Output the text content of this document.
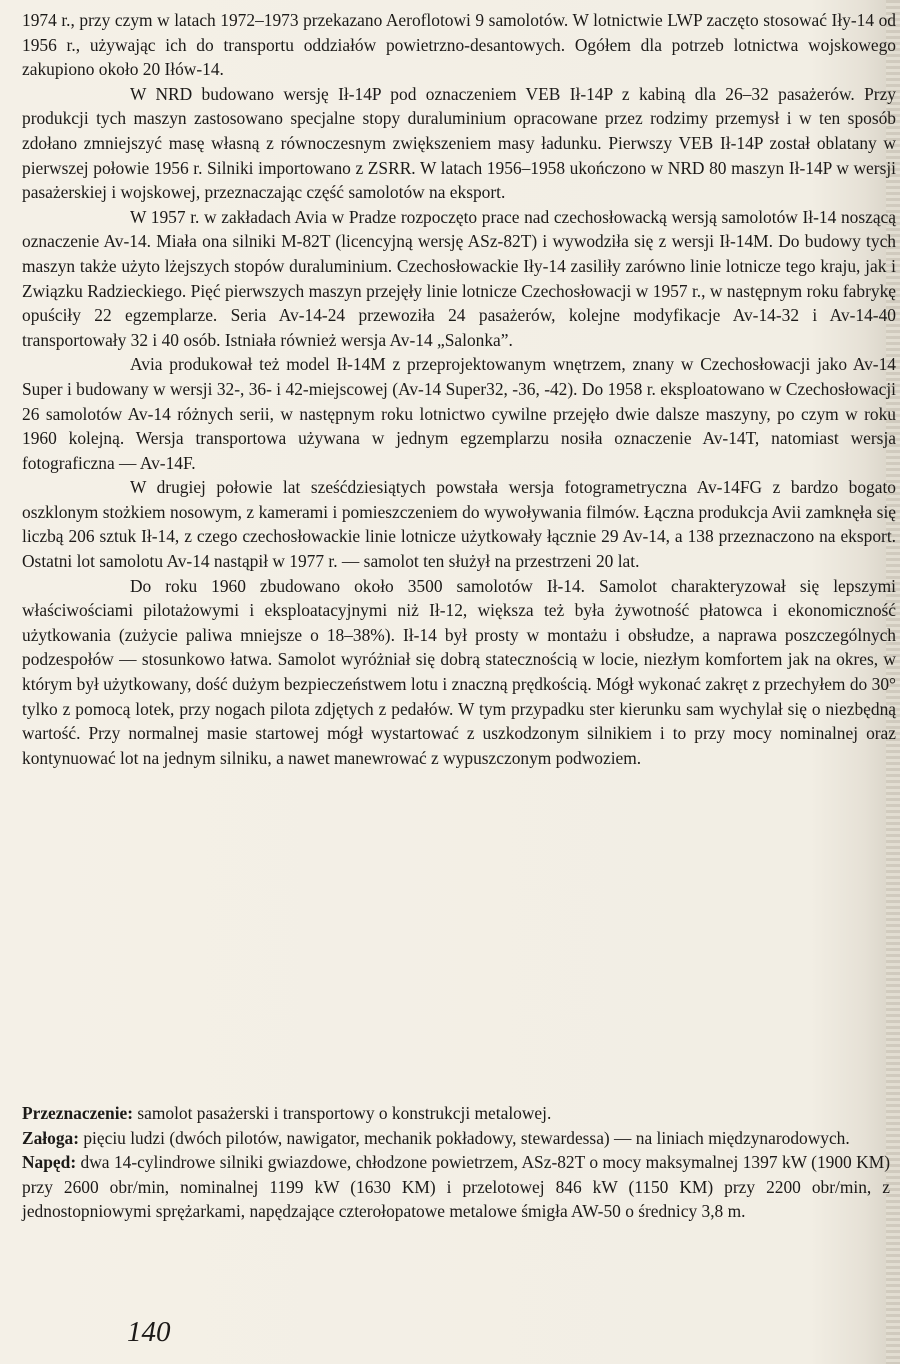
1974 r., przy czym w latach 1972–1973 przekazano Aeroflotowi 9 samolotów. W lotnictwie LWP zaczęto stosować Iły-14 od 1956 r., używając ich do transportu oddziałów powietrzno-desantowych. Ogółem dla potrzeb lotnictwa wojskowego zakupiono około 20 Iłów-14.

W NRD budowano wersję Ił-14P pod oznaczeniem VEB Ił-14P z kabiną dla 26–32 pasażerów. Przy produkcji tych maszyn zastosowano specjalne stopy duraluminium opracowane przez rodzimy przemysł i w ten sposób zdołano zmniejszyć masę własną z równoczesnym zwiększeniem masy ładunku. Pierwszy VEB Ił-14P został oblatany w pierwszej połowie 1956 r. Silniki importowano z ZSRR. W latach 1956–1958 ukończono w NRD 80 maszyn Ił-14P w wersji pasażerskiej i wojskowej, przeznaczając część samolotów na eksport.

W 1957 r. w zakładach Avia w Pradze rozpoczęto prace nad czechosłowacką wersją samolotów Ił-14 noszącą oznaczenie Av-14. Miała ona silniki M-82T (licencyjną wersję ASz-82T) i wywodziła się z wersji Ił-14M. Do budowy tych maszyn także użyto lżejszych stopów duraluminium. Czechosłowackie Iły-14 zasiliły zarówno linie lotnicze tego kraju, jak i Związku Radzieckiego. Pięć pierwszych maszyn przejęły linie lotnicze Czechosłowacji w 1957 r., w następnym roku fabrykę opuściły 22 egzemplarze. Seria Av-14-24 przewoziła 24 pasażerów, kolejne modyfikacje Av-14-32 i Av-14-40 transportowały 32 i 40 osób. Istniała również wersja Av-14 „Salonka”.

Avia produkował też model Ił-14M z przeprojektowanym wnętrzem, znany w Czechosłowacji jako Av-14 Super i budowany w wersji 32-, 36- i 42-miejscowej (Av-14 Super32, -36, -42). Do 1958 r. eksploatowano w Czechosłowacji 26 samolotów Av-14 różnych serii, w następnym roku lotnictwo cywilne przejęło dwie dalsze maszyny, po czym w roku 1960 kolejną. Wersja transportowa używana w jednym egzemplarzu nosiła oznaczenie Av-14T, natomiast wersja fotograficzna — Av-14F.

W drugiej połowie lat sześćdziesiątych powstała wersja fotogrametryczna Av-14FG z bardzo bogato oszklonym stożkiem nosowym, z kamerami i pomieszczeniem do wywoływania filmów. Łączna produkcja Avii zamknęła się liczbą 206 sztuk Ił-14, z czego czechosłowackie linie lotnicze użytkowały łącznie 29 Av-14, a 138 przeznaczono na eksport. Ostatni lot samolotu Av-14 nastąpił w 1977 r. — samolot ten służył na przestrzeni 20 lat.

Do roku 1960 zbudowano około 3500 samolotów Ił-14. Samolot charakteryzował się lepszymi właściwościami pilotażowymi i eksploatacyjnymi niż Ił-12, większa też była żywotność płatowca i ekonomiczność użytkowania (zużycie paliwa mniejsze o 18–38%). Ił-14 był prosty w montażu i obsłudze, a naprawa poszczególnych podzespołów — stosunkowo łatwa. Samolot wyróżniał się dobrą statecznością w locie, niezłym komfortem jak na okres, w którym był użytkowany, dość dużym bezpieczeństwem lotu i znaczną prędkością. Mógł wykonać zakręt z przechyłem do 30° tylko z pomocą lotek, przy nogach pilota zdjętych z pedałów. W tym przypadku ster kierunku sam wychylał się o niezbędną wartość. Przy normalnej masie startowej mógł wystartować z uszkodzonym silnikiem i to przy mocy nominalnej oraz kontynuować lot na jednym silniku, a nawet manewrować z wypuszczonym podwoziem.

Przeznaczenie: samolot pasażerski i transportowy o konstrukcji metalowej.

Załoga: pięciu ludzi (dwóch pilotów, nawigator, mechanik pokładowy, stewardessa) — na liniach międzynarodowych.

Napęd: dwa 14-cylindrowe silniki gwiazdowe, chłodzone powietrzem, ASz-82T o mocy maksymalnej 1397 kW (1900 KM) przy 2600 obr/min, nominalnej 1199 kW (1630 KM) i przelotowej 846 kW (1150 KM) przy 2200 obr/min, z jednostopniowymi sprężarkami, napędzające czterołopatowe metalowe śmigła AW-50 o średnicy 3,8 m.

140
